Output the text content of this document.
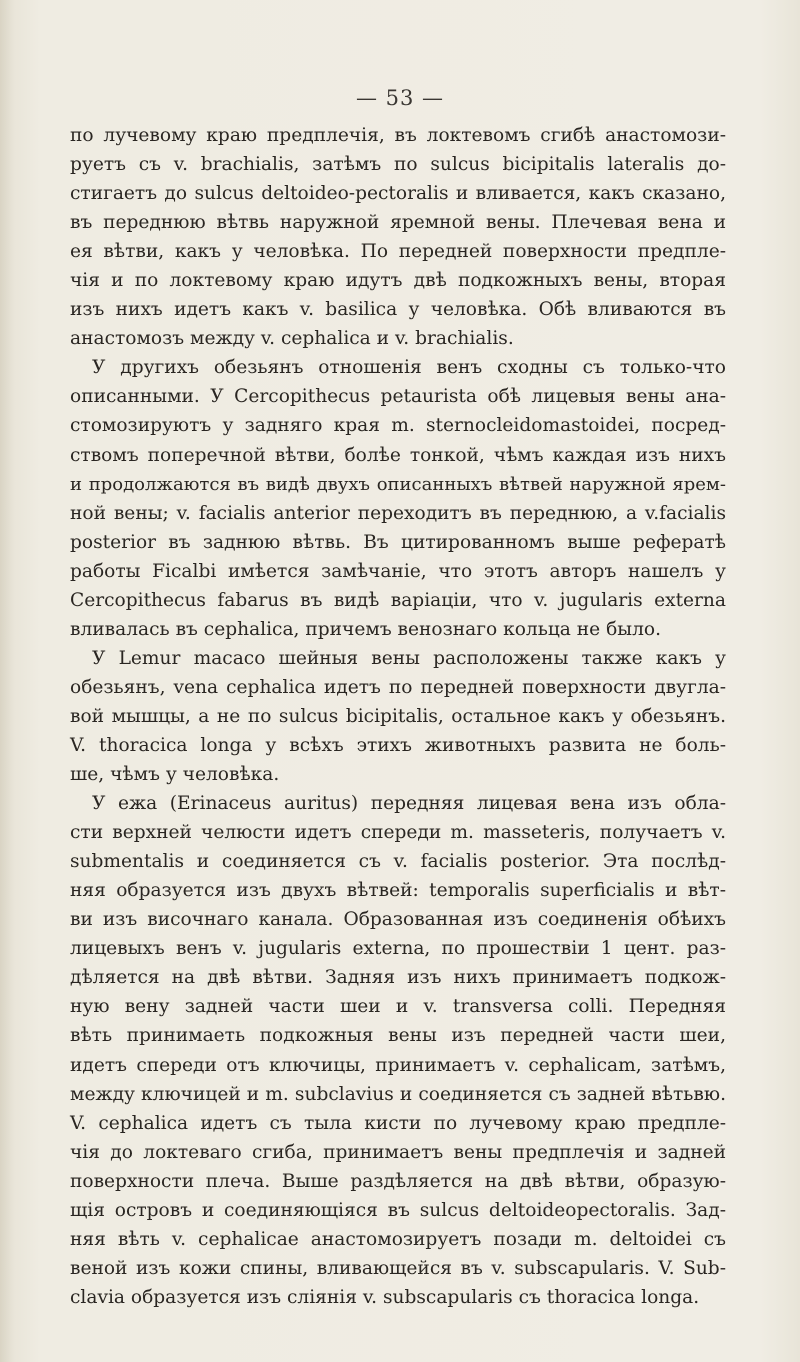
— 53 —
по лучевому краю предплечія, въ локтевомъ сгибѣ анастомози-
руетъ съ v. brachialis, затѣмъ по sulcus bicipitalis lateralis до-
стигаетъ до sulcus deltoideo-pectoralis и вливается, какъ сказано,
въ переднюю вѣтвь наружной яремной вены. Плечевая вена и
ея вѣтви, какъ у человѣка. По передней поверхности предпле-
чія и по локтевому краю идутъ двѣ подкожныхъ вены, вторая
изъ нихъ идетъ какъ v. basilica у человѣка. Обѣ вливаются въ
анастомозъ между v. cephalica и v. brachialis.
У другихъ обезьянъ отношенія венъ сходны съ только-что
описанными. У Cercopithecus petaurista обѣ лицевыя вены ана-
стомозируютъ у задняго края m. sternocleidomastoidei, посред-
ствомъ поперечной вѣтви, болѣе тонкой, чѣмъ каждая изъ нихъ
и продолжаются въ видѣ двухъ описанныхъ вѣтвей наружной ярем-
ной вены; v. facialis anterior переходитъ въ переднюю, а v.facialis
posterior въ заднюю вѣтвь. Въ цитированномъ выше рефератѣ
работы Ficalbi имѣется замѣчаніе, что этотъ авторъ нашелъ у
Cercopithecus fabarus въ видѣ варіаціи, что v. jugularis externa
вливалась въ cephalica, причемъ венознаго кольца не было.
У Lemur macaco шейныя вены расположены также какъ у
обезьянъ, vena cephalica идетъ по передней поверхности двугла-
вой мышцы, а не по sulcus bicipitalis, остальное какъ у обезьянъ.
V. thoracica longa у всѣхъ этихъ животныхъ развита не боль-
ше, чѣмъ у человѣка.
У ежа (Erinaceus auritus) передняя лицевая вена изъ обла-
сти верхней челюсти идетъ спереди m. masseteris, получаетъ v.
submentalis и соединяется съ v. facialis posterior. Эта послѣд-
няя образуется изъ двухъ вѣтвей: temporalis superficialis и вѣт-
ви изъ височнаго канала. Образованная изъ соединенія обѣихъ
лицевыхъ венъ v. jugularis externa, по прошествіи 1 цент. раз-
дѣляется на двѣ вѣтви. Задняя изъ нихъ принимаетъ подкож-
ную вену задней части шеи и v. transversa colli. Передняя
вѣть принимаеть подкожныя вены изъ передней части шеи,
идетъ спереди отъ ключицы, принимаетъ v. cephalicam, затѣмъ,
между ключицей и m. subclavius и соединяется съ задней вѣтьвю.
V. cephalica идетъ съ тыла кисти по лучевому краю предпле-
чія до локтеваго сгиба, принимаетъ вены предплечія и задней
поверхности плеча. Выше раздѣляется на двѣ вѣтви, образую-
щія островъ и соединяющіяся въ sulcus deltoideopectoralis. Зад-
няя вѣть v. cephalicae анастомозируетъ позади m. deltoidei съ
веной изъ кожи спины, вливающейся въ v. subscapularis. V. Sub-
clavia образуется изъ сліянія v. subscapularis съ thoracica longa.
